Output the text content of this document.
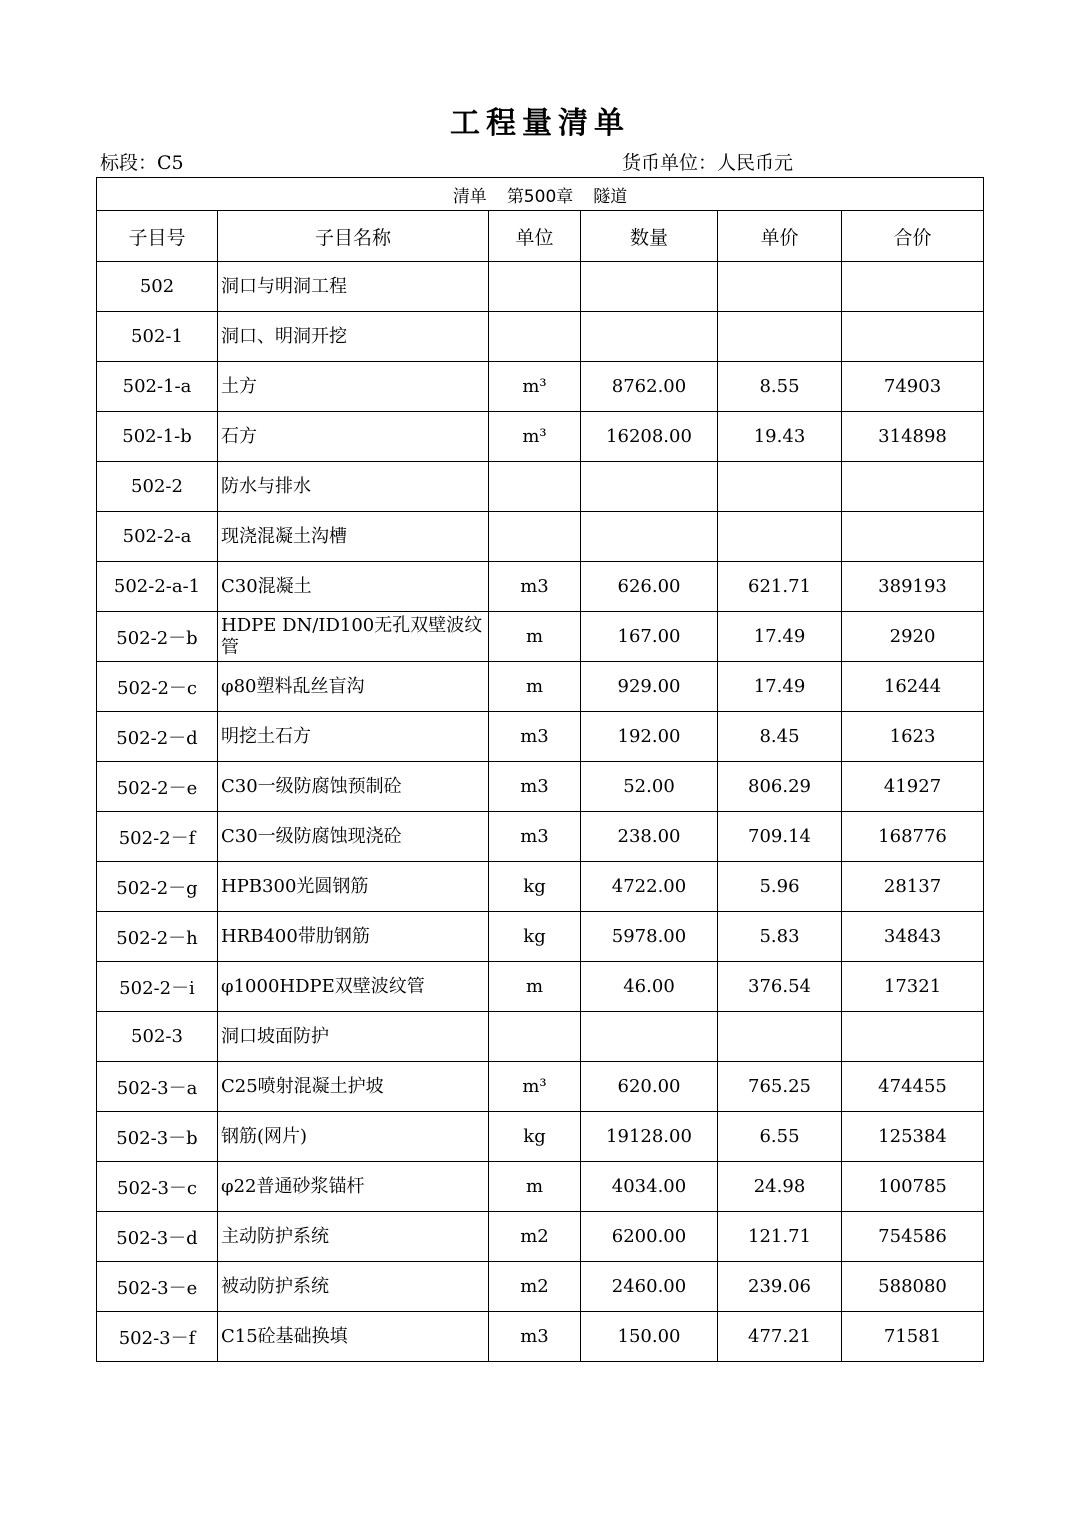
工程量清单
标段：C5	货币单位：人民币元
清单 第500章 隧道					
子目号	子目名称	单位	数量	单价	合价
502	洞口与明洞工程				
502-1	洞口、明洞开挖				
502-1-a	土方	m³	8762.00	8.55	74903
502-1-b	石方	m³	16208.00	19.43	314898
502-2	防水与排水				
502-2-a	现浇混凝土沟槽				
502-2-a-1	C30混凝土	m3	626.00	621.71	389193
502-2－b	HDPE DN/ID100无孔双壁波纹管	m	167.00	17.49	2920
502-2－c	φ80塑料乱丝盲沟	m	929.00	17.49	16244
502-2－d	明挖土石方	m3	192.00	8.45	1623
502-2－e	C30一级防腐蚀预制砼	m3	52.00	806.29	41927
502-2－f	C30一级防腐蚀现浇砼	m3	238.00	709.14	168776
502-2－g	HPB300光圆钢筋	kg	4722.00	5.96	28137
502-2－h	HRB400带肋钢筋	kg	5978.00	5.83	34843
502-2－i	φ1000HDPE双壁波纹管	m	46.00	376.54	17321
502-3	洞口坡面防护				
502-3－a	C25喷射混凝土护坡	m³	620.00	765.25	474455
502-3－b	钢筋(网片)	kg	19128.00	6.55	125384
502-3－c	φ22普通砂浆锚杆	m	4034.00	24.98	100785
502-3－d	主动防护系统	m2	6200.00	121.71	754586
502-3－e	被动防护系统	m2	2460.00	239.06	588080
502-3－f	C15砼基础换填	m3	150.00	477.21	71581
